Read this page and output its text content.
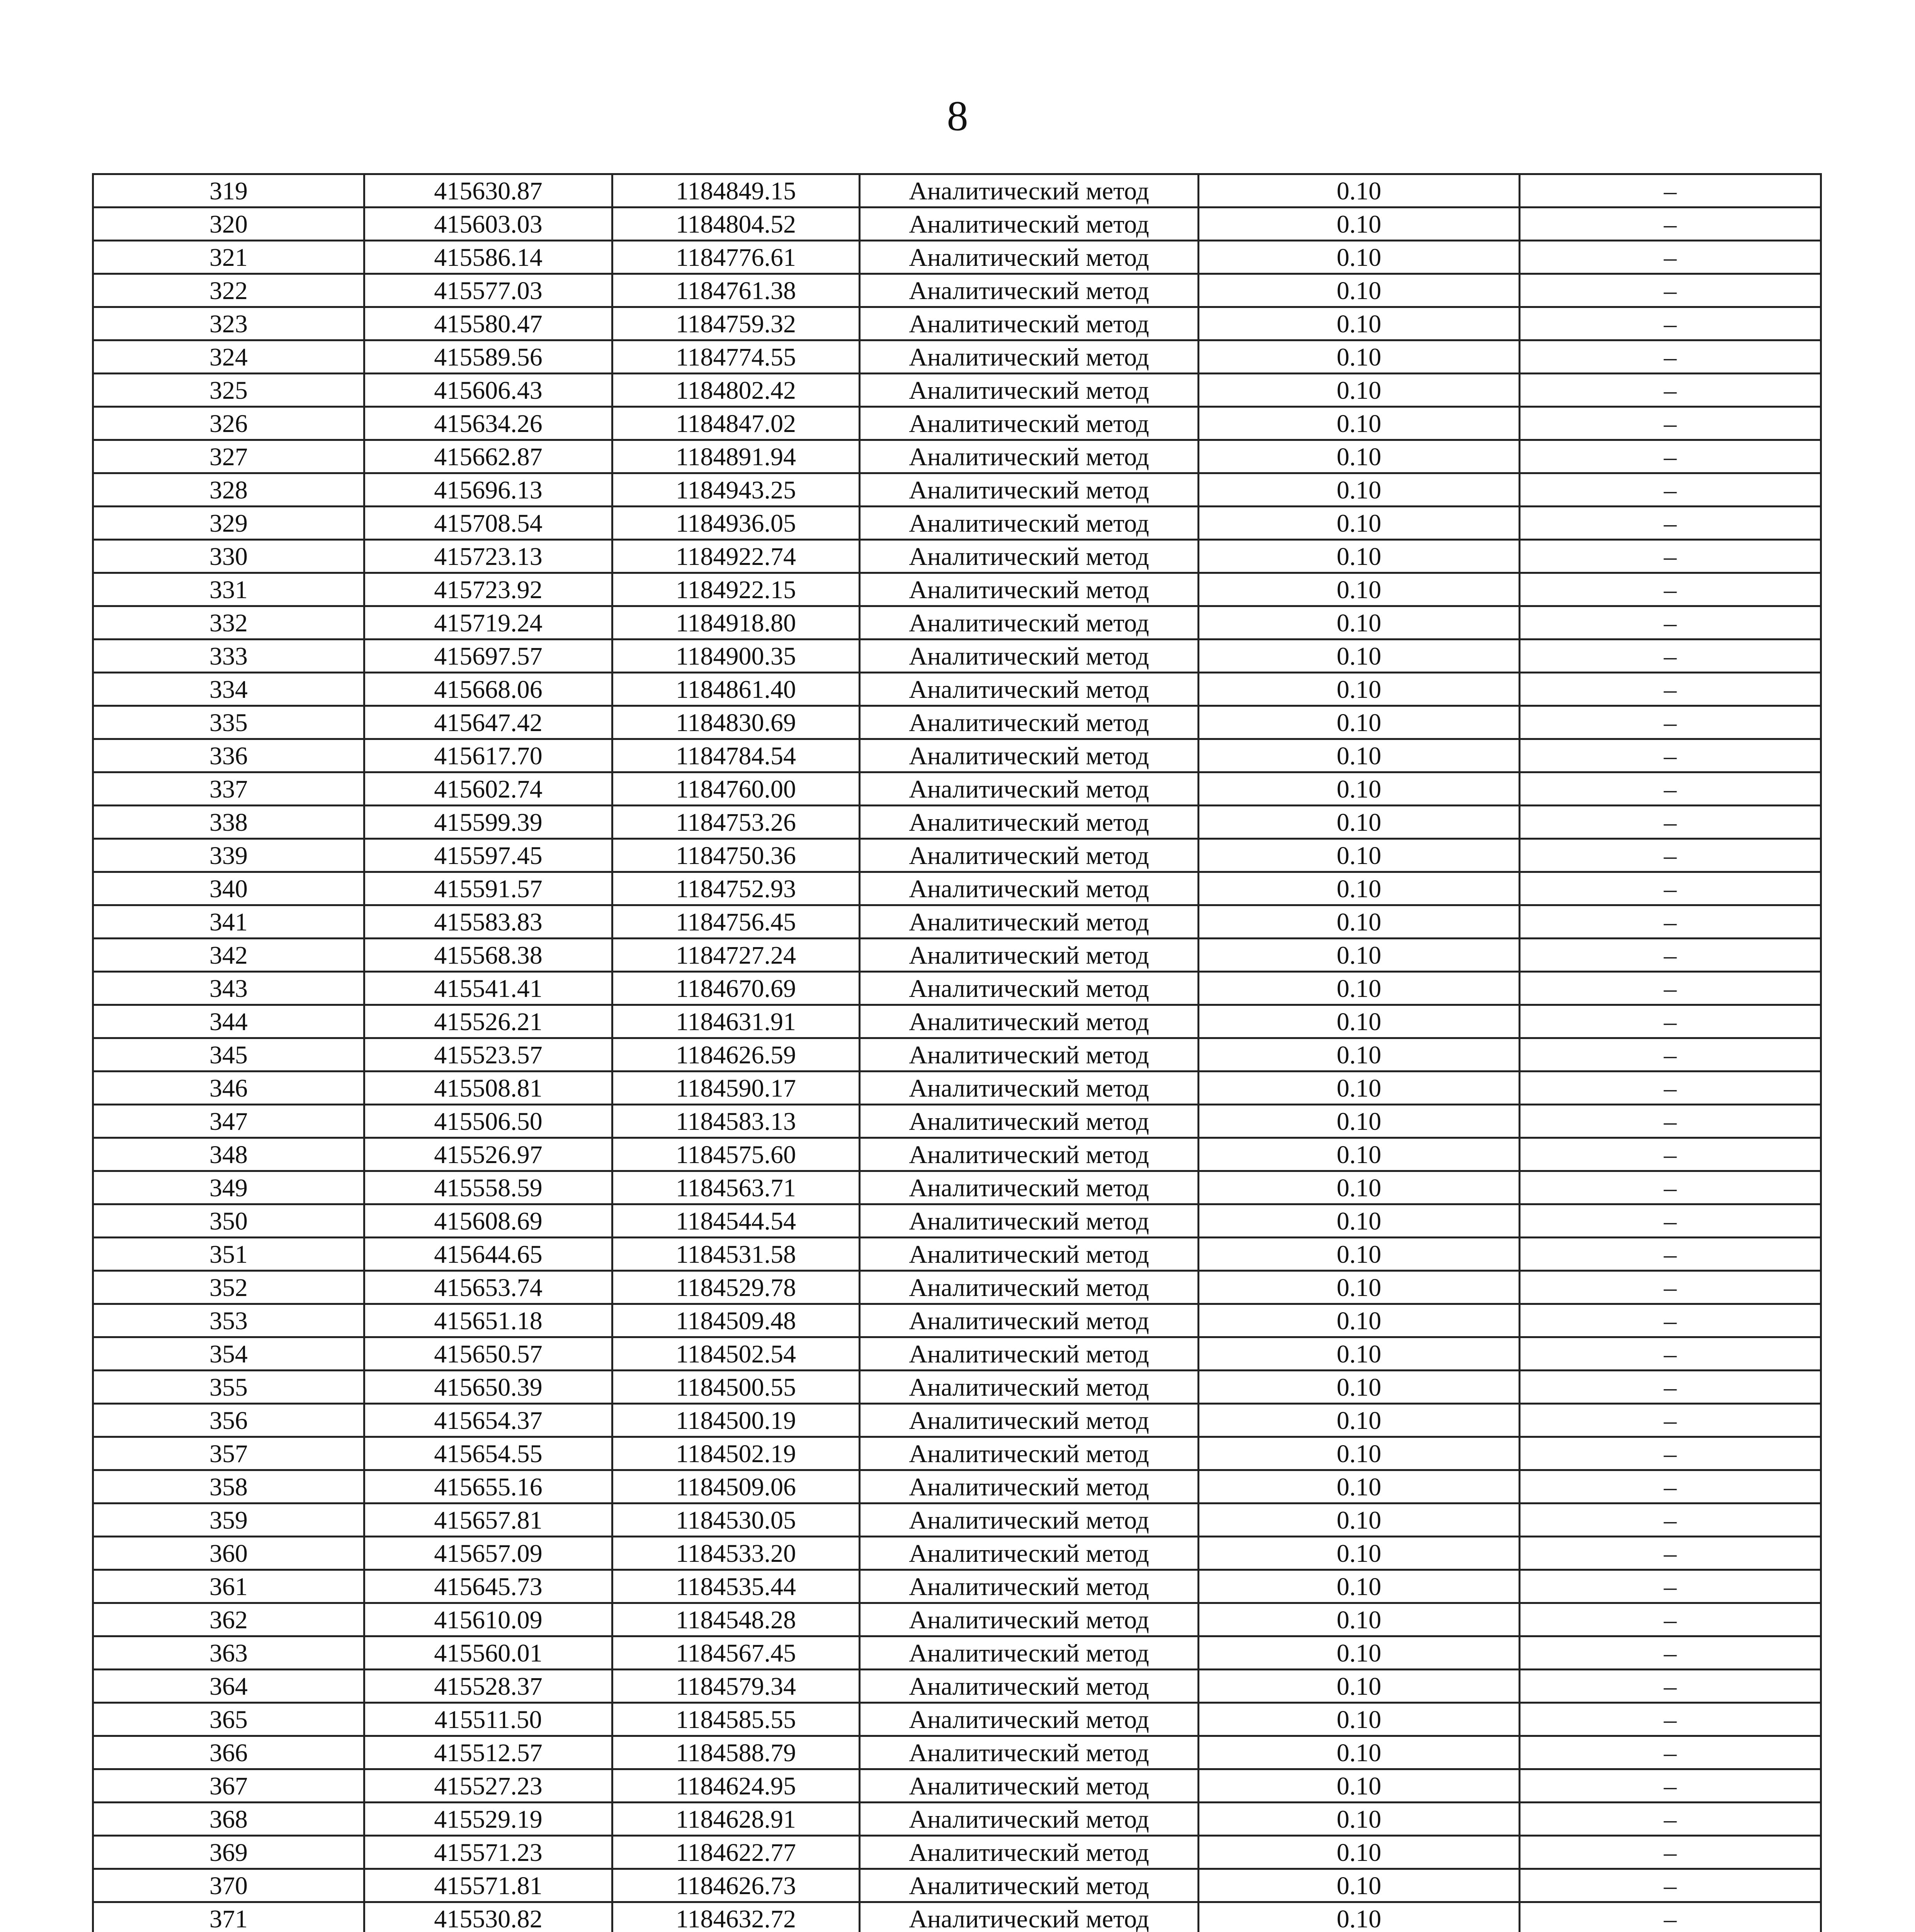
8
319	415630.87	1184849.15	Аналитический метод	0.10	–
320	415603.03	1184804.52	Аналитический метод	0.10	–
321	415586.14	1184776.61	Аналитический метод	0.10	–
322	415577.03	1184761.38	Аналитический метод	0.10	–
323	415580.47	1184759.32	Аналитический метод	0.10	–
324	415589.56	1184774.55	Аналитический метод	0.10	–
325	415606.43	1184802.42	Аналитический метод	0.10	–
326	415634.26	1184847.02	Аналитический метод	0.10	–
327	415662.87	1184891.94	Аналитический метод	0.10	–
328	415696.13	1184943.25	Аналитический метод	0.10	–
329	415708.54	1184936.05	Аналитический метод	0.10	–
330	415723.13	1184922.74	Аналитический метод	0.10	–
331	415723.92	1184922.15	Аналитический метод	0.10	–
332	415719.24	1184918.80	Аналитический метод	0.10	–
333	415697.57	1184900.35	Аналитический метод	0.10	–
334	415668.06	1184861.40	Аналитический метод	0.10	–
335	415647.42	1184830.69	Аналитический метод	0.10	–
336	415617.70	1184784.54	Аналитический метод	0.10	–
337	415602.74	1184760.00	Аналитический метод	0.10	–
338	415599.39	1184753.26	Аналитический метод	0.10	–
339	415597.45	1184750.36	Аналитический метод	0.10	–
340	415591.57	1184752.93	Аналитический метод	0.10	–
341	415583.83	1184756.45	Аналитический метод	0.10	–
342	415568.38	1184727.24	Аналитический метод	0.10	–
343	415541.41	1184670.69	Аналитический метод	0.10	–
344	415526.21	1184631.91	Аналитический метод	0.10	–
345	415523.57	1184626.59	Аналитический метод	0.10	–
346	415508.81	1184590.17	Аналитический метод	0.10	–
347	415506.50	1184583.13	Аналитический метод	0.10	–
348	415526.97	1184575.60	Аналитический метод	0.10	–
349	415558.59	1184563.71	Аналитический метод	0.10	–
350	415608.69	1184544.54	Аналитический метод	0.10	–
351	415644.65	1184531.58	Аналитический метод	0.10	–
352	415653.74	1184529.78	Аналитический метод	0.10	–
353	415651.18	1184509.48	Аналитический метод	0.10	–
354	415650.57	1184502.54	Аналитический метод	0.10	–
355	415650.39	1184500.55	Аналитический метод	0.10	–
356	415654.37	1184500.19	Аналитический метод	0.10	–
357	415654.55	1184502.19	Аналитический метод	0.10	–
358	415655.16	1184509.06	Аналитический метод	0.10	–
359	415657.81	1184530.05	Аналитический метод	0.10	–
360	415657.09	1184533.20	Аналитический метод	0.10	–
361	415645.73	1184535.44	Аналитический метод	0.10	–
362	415610.09	1184548.28	Аналитический метод	0.10	–
363	415560.01	1184567.45	Аналитический метод	0.10	–
364	415528.37	1184579.34	Аналитический метод	0.10	–
365	415511.50	1184585.55	Аналитический метод	0.10	–
366	415512.57	1184588.79	Аналитический метод	0.10	–
367	415527.23	1184624.95	Аналитический метод	0.10	–
368	415529.19	1184628.91	Аналитический метод	0.10	–
369	415571.23	1184622.77	Аналитический метод	0.10	–
370	415571.81	1184626.73	Аналитический метод	0.10	–
371	415530.82	1184632.72	Аналитический метод	0.10	–
